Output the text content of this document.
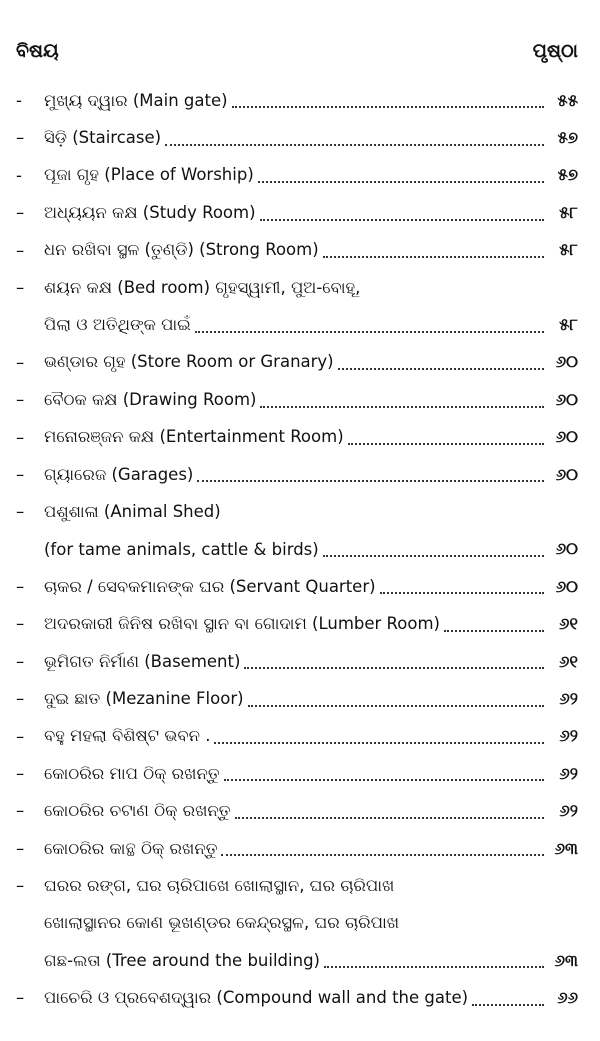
ବିଷୟ	ପୃଷ୍ଠା
- ମୁଖ୍ୟ ଦ୍ୱାର (Main gate)	୫୫
– ସିଡ଼ି (Staircase)	୫୭
- ପୂଜା ଗୃହ (Place of Worship)	୫୭
– ଅଧ୍ୟୟନ କକ୍ଷ (Study Room)	୫୮
– ଧନ ରଖିବା ସ୍ଥଳ (ତୁଣ୍ଡି) (Strong Room)	୫୮
– ଶୟନ କକ୍ଷ (Bed room) ଗୃହସ୍ୱାମୀ, ପୁଅ-ବୋହୂ,
ପିଲା ଓ ଅତିଥିଙ୍କ ପାଇଁ	୫୮
– ଭଣ୍ଡାର ଗୃହ (Store Room or Granary)	୬୦
– ବୈଠକ କକ୍ଷ (Drawing Room)	୬୦
– ମନୋରଞ୍ଜନ କକ୍ଷ (Entertainment Room)	୬୦
– ଗ୍ୟାରେଜ (Garages)	୬୦
– ପଶୁଶାଳା (Animal Shed)
(for tame animals, cattle & birds)	୬୦
– ଚାକର / ସେବକମାନଙ୍କ ଘର (Servant Quarter)	୬୦
– ଅଦରକାରୀ ଜିନିଷ ରଖିବା ସ୍ଥାନ ବା ଗୋଦାମ (Lumber Room)	୬୧
– ଭୂମିଗତ ନିର୍ମାଣ (Basement)	୬୧
– ଦୁଇ ଛାତ (Mezanine Floor)	୬୨
– ବହୁ ମହଲା ବିଶିଷ୍ଟ ଭବନ .	୬୨
– କୋଠରିର ମାପ ଠିକ୍ ରଖନ୍ତୁ	୬୨
– କୋଠରିର ଚଟାଣ ଠିକ୍ ରଖନ୍ତୁ	୬୨
– କୋଠରିର କାନ୍ଥ ଠିକ୍ ରଖନ୍ତୁ	୬୩
– ଘରର ରଙ୍ଗ, ଘର ଚାରିପାଖେ ଖୋଲାସ୍ଥାନ, ଘର ଚାରିପାଖ
ଖୋଲାସ୍ଥାନର କୋଣ ଭୂଖଣ୍ଡର କେନ୍ଦ୍ରସ୍ଥଳ, ଘର ଚାରିପାଖ
ଗଛ-ଲତା (Tree around the building)	୬୩
– ପାଚେରି ଓ ପ୍ରବେଶଦ୍ୱାର (Compound wall and the gate)	୬୬
